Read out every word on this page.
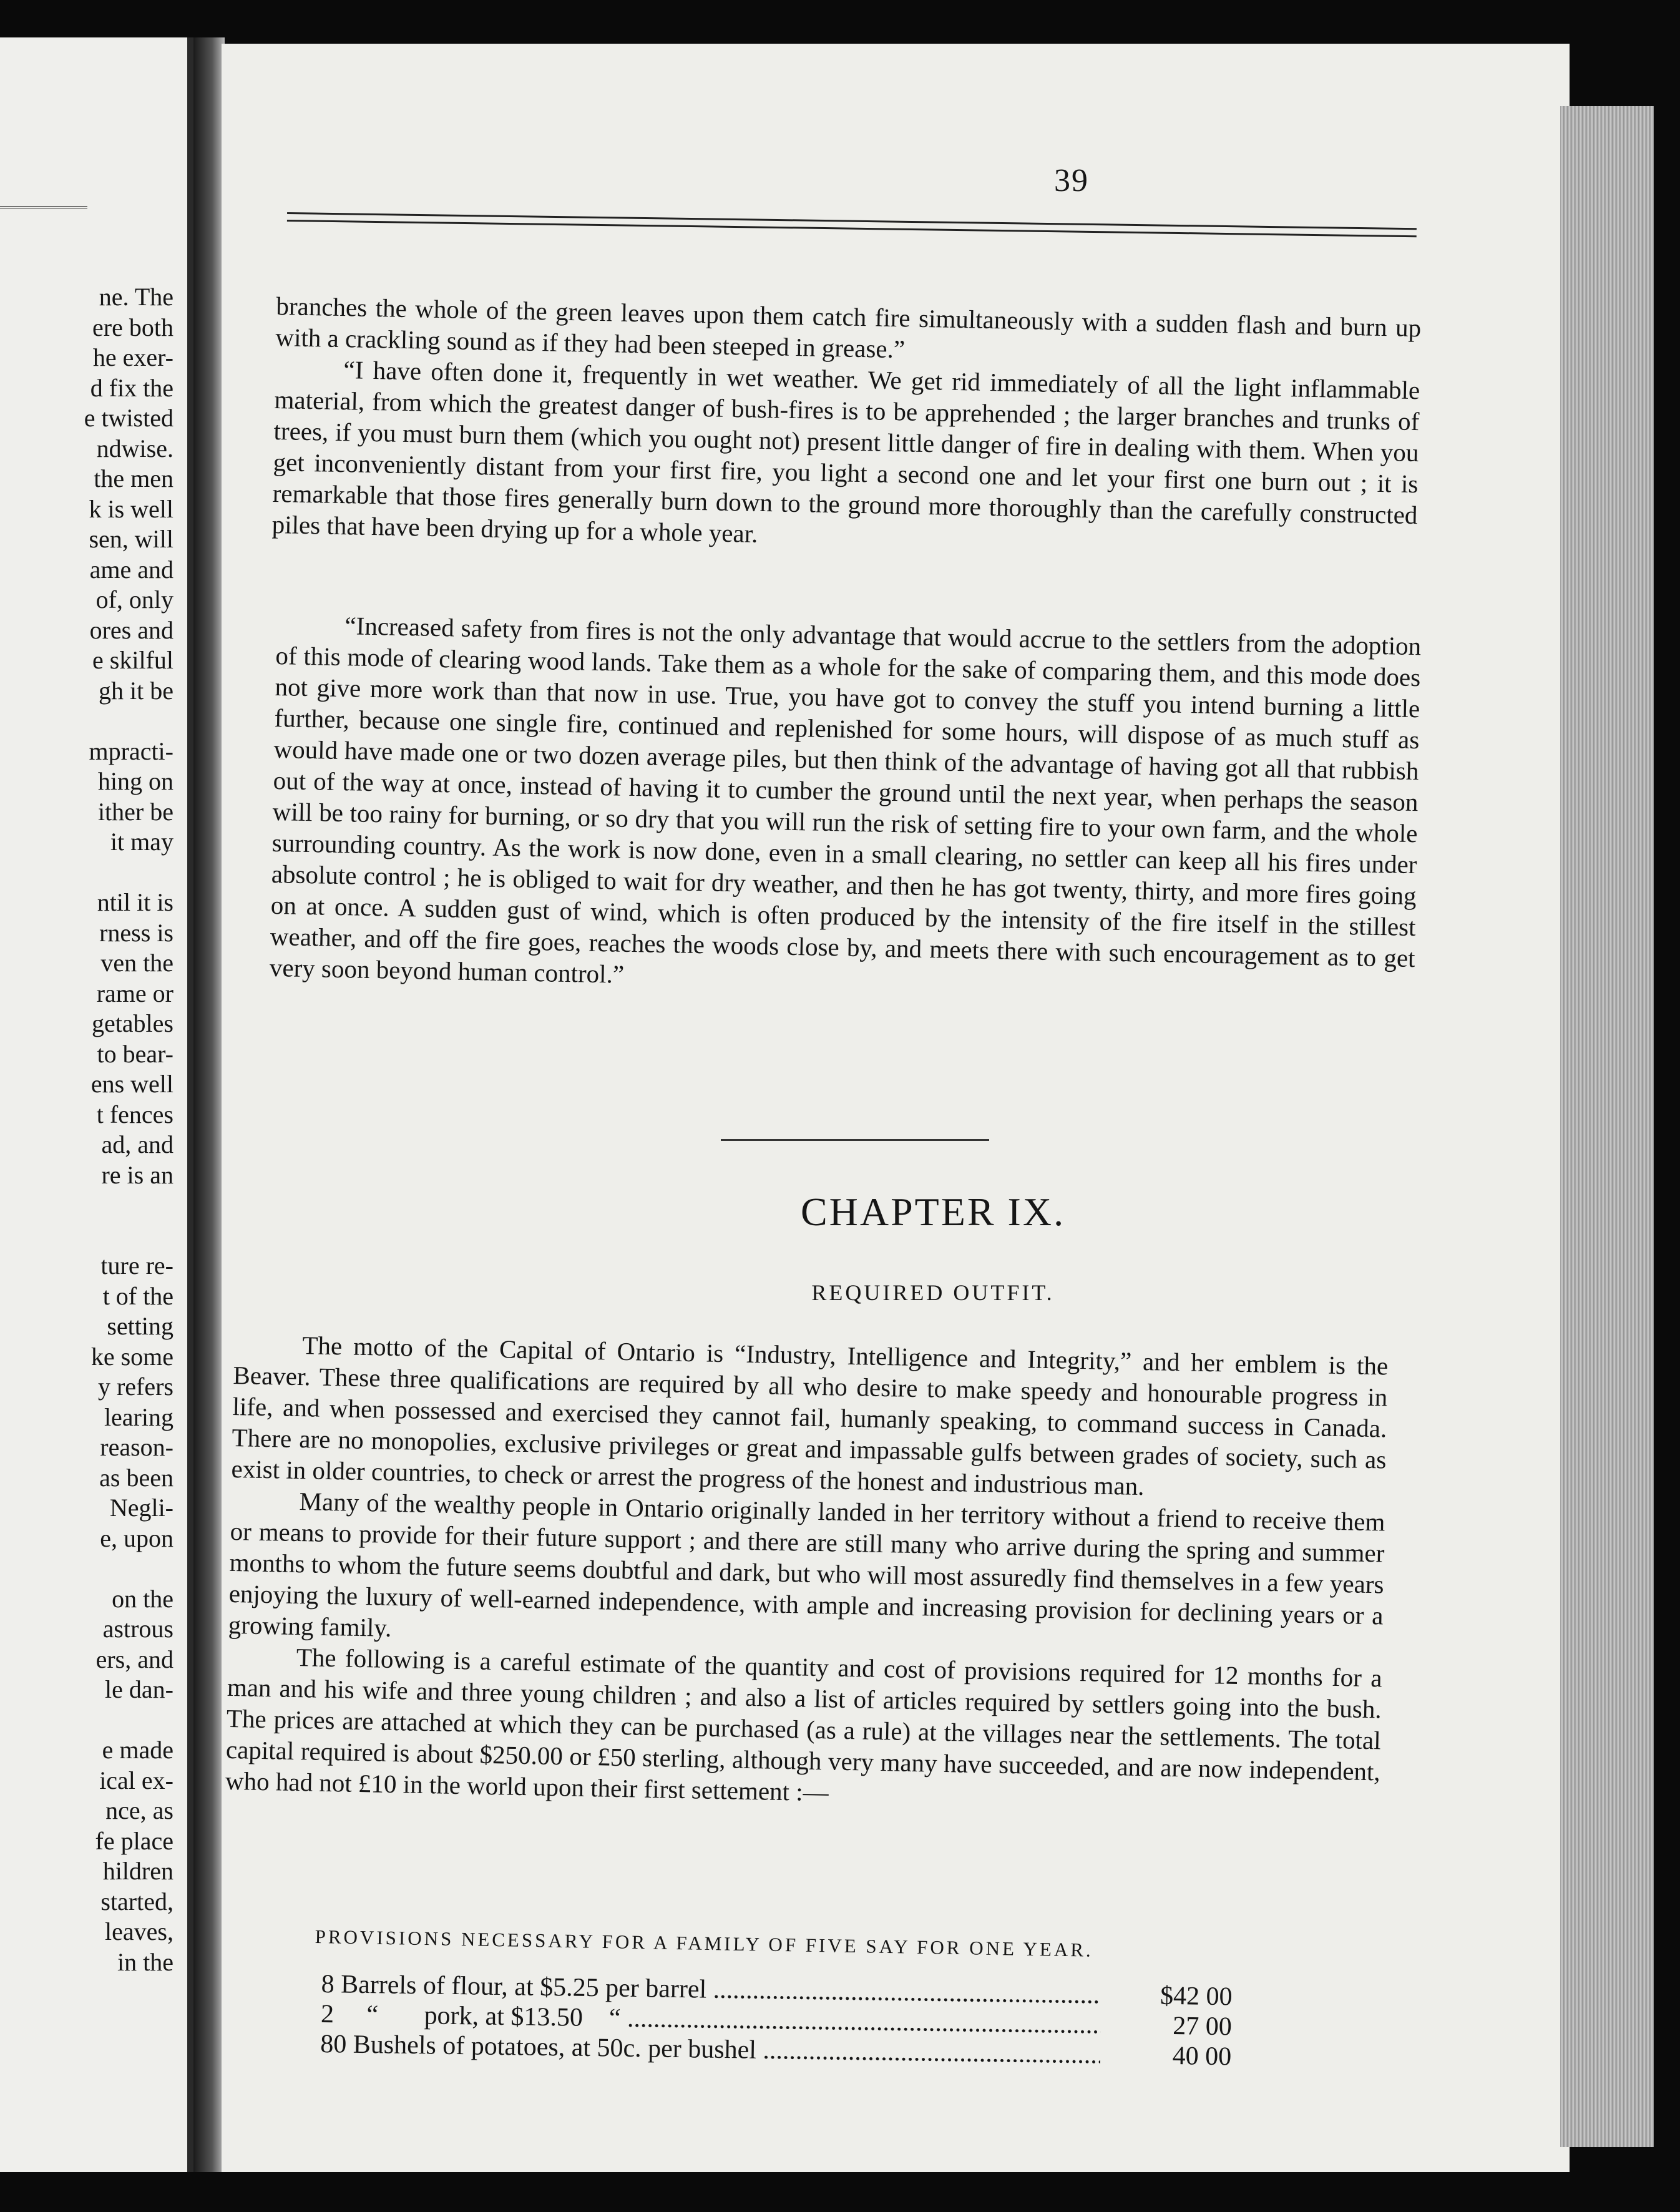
ne. The
ere both
he exer-
d fix the
e twisted
ndwise.
the men
k is well
sen, will
ame and
of, only
ores and
e skilful
gh it be
mpracti-
hing on
ither be
it may
ntil it is
rness is
ven the
rame or
getables
to bear-
ens well
t fences
ad, and
re is an
ture re-
t of the
setting
ke some
y refers
learing
reason-
as been
Negli-
e, upon
on the
astrous
ers, and
le dan-
e made
ical ex-
nce, as
fe place
hildren
started,
leaves,
in the
39

branches the whole of the green leaves upon them catch fire simultaneously with a sudden flash and burn up with a crackling sound as if they had been steeped in grease.”

“I have often done it, frequently in wet weather. We get rid immediately of all the light inflammable material, from which the greatest danger of bush-fires is to be apprehended ; the larger branches and trunks of trees, if you must burn them (which you ought not) present little danger of fire in dealing with them. When you get inconveniently distant from your first fire, you light a second one and let your first one burn out ; it is remarkable that those fires generally burn down to the ground more thoroughly than the carefully constructed piles that have been drying up for a whole year.

“Increased safety from fires is not the only advantage that would accrue to the settlers from the adoption of this mode of clearing wood lands. Take them as a whole for the sake of comparing them, and this mode does not give more work than that now in use. True, you have got to convey the stuff you intend burning a little further, because one single fire, continued and replenished for some hours, will dispose of as much stuff as would have made one or two dozen average piles, but then think of the advantage of having got all that rubbish out of the way at once, instead of having it to cumber the ground until the next year, when perhaps the season will be too rainy for burning, or so dry that you will run the risk of setting fire to your own farm, and the whole surrounding country. As the work is now done, even in a small clearing, no settler can keep all his fires under absolute control ; he is obliged to wait for dry weather, and then he has got twenty, thirty, and more fires going on at once. A sudden gust of wind, which is often produced by the intensity of the fire itself in the stillest weather, and off the fire goes, reaches the woods close by, and meets there with such encouragement as to get very soon beyond human control.”

CHAPTER IX.
REQUIRED OUTFIT.

The motto of the Capital of Ontario is “Industry, Intelligence and Integrity,” and her emblem is the Beaver. These three qualifications are required by all who desire to make speedy and honourable progress in life, and when possessed and exercised they cannot fail, humanly speaking, to command success in Canada. There are no monopolies, exclusive privileges or great and impassable gulfs between grades of society, such as exist in older countries, to check or arrest the progress of the honest and industrious man.

Many of the wealthy people in Ontario originally landed in her territory without a friend to receive them or means to provide for their future support ; and there are still many who arrive during the spring and summer months to whom the future seems doubtful and dark, but who will most assuredly find themselves in a few years enjoying the luxury of well-earned independence, with ample and increasing provision for declining years or a growing family.

The following is a careful estimate of the quantity and cost of provisions required for 12 months for a man and his wife and three young children ; and also a list of articles required by settlers going into the bush. The prices are attached at which they can be purchased (as a rule) at the villages near the settlements. The total capital required is about $250.00 or £50 sterling, although very many have succeeded, and are now independent, who had not £10 in the world upon their first settement :—

PROVISIONS NECESSARY FOR A FAMILY OF FIVE SAY FOR ONE YEAR.
8 Barrels of flour, at $5.25 per barrel .....	$42 00
2     “       pork, at $13.50    “ .....	27 00
80 Bushels of potatoes, at 50c. per bushel .....	40 00
